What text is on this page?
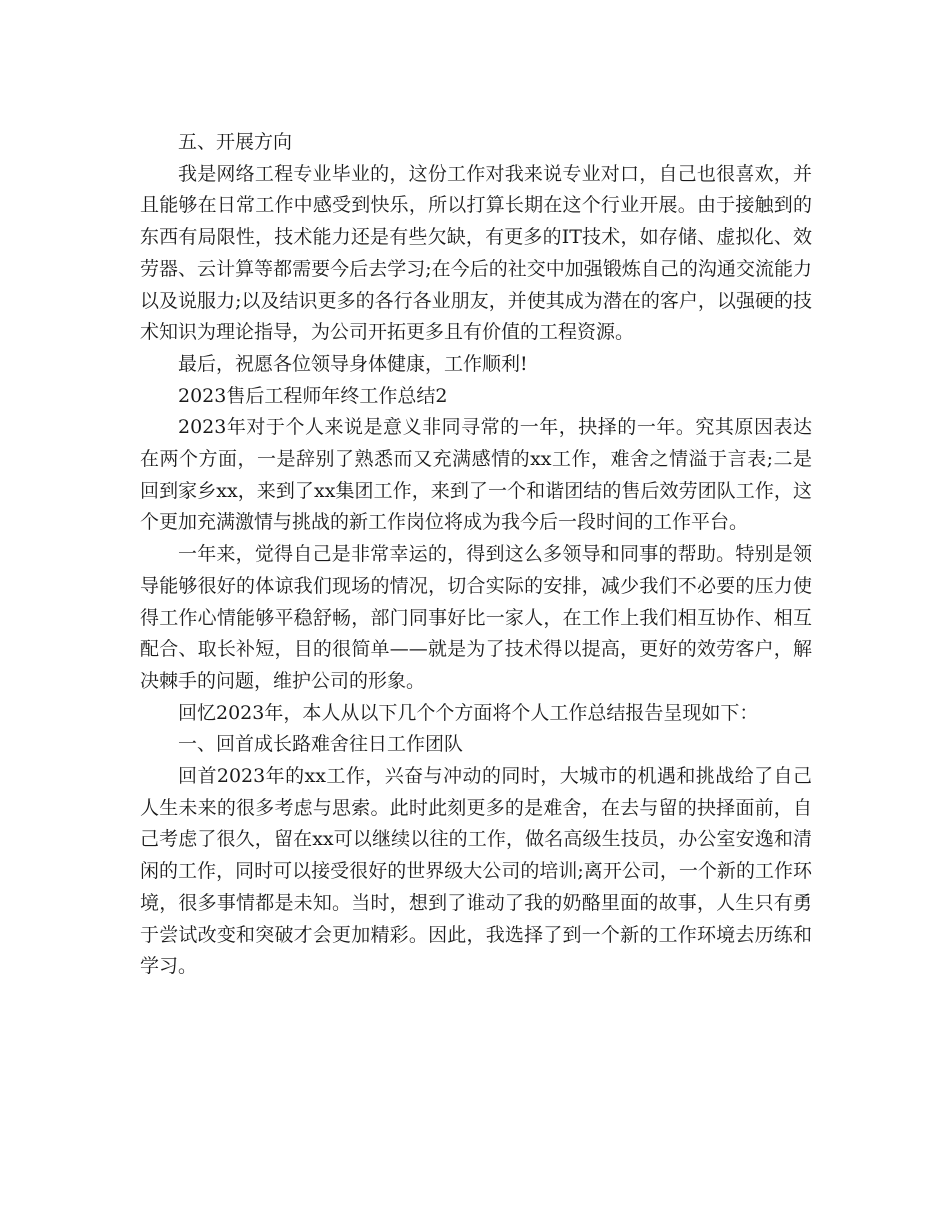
五、开展方向

我是网络工程专业毕业的，这份工作对我来说专业对口，自己也很喜欢，并且能够在日常工作中感受到快乐，所以打算长期在这个行业开展。由于接触到的东西有局限性，技术能力还是有些欠缺，有更多的IT技术，如存储、虚拟化、效劳器、云计算等都需要今后去学习;在今后的社交中加强锻炼自己的沟通交流能力以及说服力;以及结识更多的各行各业朋友，并使其成为潜在的客户，以强硬的技术知识为理论指导，为公司开拓更多且有价值的工程资源。

最后，祝愿各位领导身体健康，工作顺利!

2023售后工程师年终工作总结2

2023年对于个人来说是意义非同寻常的一年，抉择的一年。究其原因表达在两个方面，一是辞别了熟悉而又充满感情的xx工作，难舍之情溢于言表;二是回到家乡xx，来到了xx集团工作，来到了一个和谐团结的售后效劳团队工作，这个更加充满激情与挑战的新工作岗位将成为我今后一段时间的工作平台。

一年来，觉得自己是非常幸运的，得到这么多领导和同事的帮助。特别是领导能够很好的体谅我们现场的情况，切合实际的安排，减少我们不必要的压力使得工作心情能够平稳舒畅，部门同事好比一家人，在工作上我们相互协作、相互配合、取长补短，目的很简单——就是为了技术得以提高，更好的效劳客户，解决棘手的问题，维护公司的形象。

回忆2023年，本人从以下几个个方面将个人工作总结报告呈现如下：

一、回首成长路难舍往日工作团队

回首2023年的xx工作，兴奋与冲动的同时，大城市的机遇和挑战给了自己人生未来的很多考虑与思索。此时此刻更多的是难舍，在去与留的抉择面前，自己考虑了很久，留在xx可以继续以往的工作，做名高级生技员，办公室安逸和清闲的工作，同时可以接受很好的世界级大公司的培训;离开公司，一个新的工作环境，很多事情都是未知。当时，想到了谁动了我的奶酪里面的故事，人生只有勇于尝试改变和突破才会更加精彩。因此，我选择了到一个新的工作环境去历练和学习。
